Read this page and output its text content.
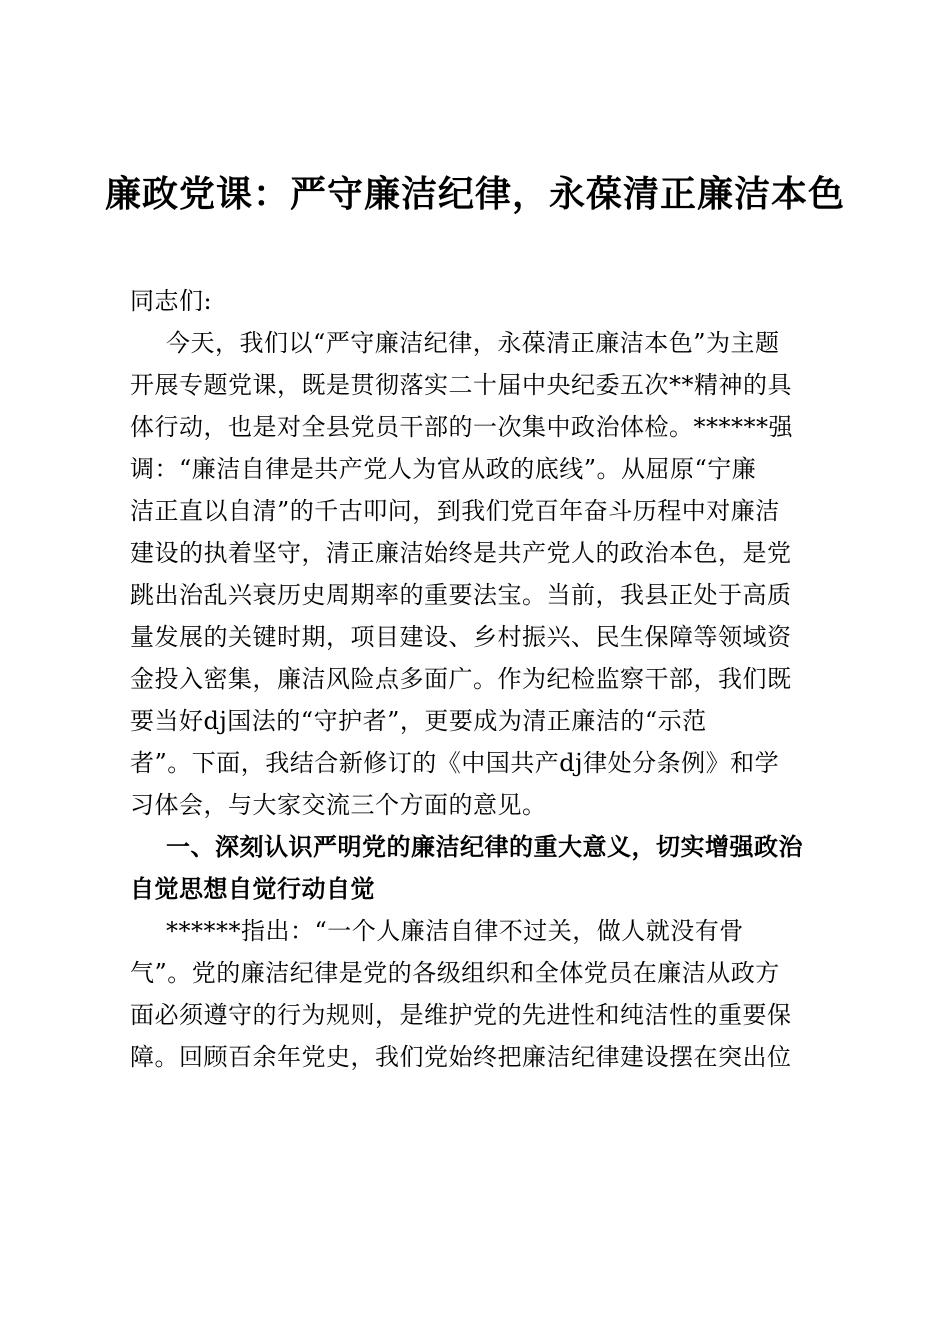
廉政党课：严守廉洁纪律，永葆清正廉洁本色
同志们:
今天，我们以“严守廉洁纪律，永葆清正廉洁本色”为主题
开展专题党课，既是贯彻落实二十届中央纪委五次**精神的具
体行动，也是对全县党员干部的一次集中政治体检。******强
调：“廉洁自律是共产党人为官从政的底线”。从屈原“宁廉
洁正直以自清”的千古叩问，到我们党百年奋斗历程中对廉洁
建设的执着坚守，清正廉洁始终是共产党人的政治本色，是党
跳出治乱兴衰历史周期率的重要法宝。当前，我县正处于高质
量发展的关键时期，项目建设、乡村振兴、民生保障等领域资
金投入密集，廉洁风险点多面广。作为纪检监察干部，我们既
要当好dj国法的“守护者”，更要成为清正廉洁的“示范
者”。下面，我结合新修订的《中国共产dj律处分条例》和学
习体会，与大家交流三个方面的意见。
一、深刻认识严明党的廉洁纪律的重大意义，切实增强政治
自觉思想自觉行动自觉
******指出：“一个人廉洁自律不过关，做人就没有骨
气”。党的廉洁纪律是党的各级组织和全体党员在廉洁从政方
面必须遵守的行为规则，是维护党的先进性和纯洁性的重要保
障。回顾百余年党史，我们党始终把廉洁纪律建设摆在突出位
